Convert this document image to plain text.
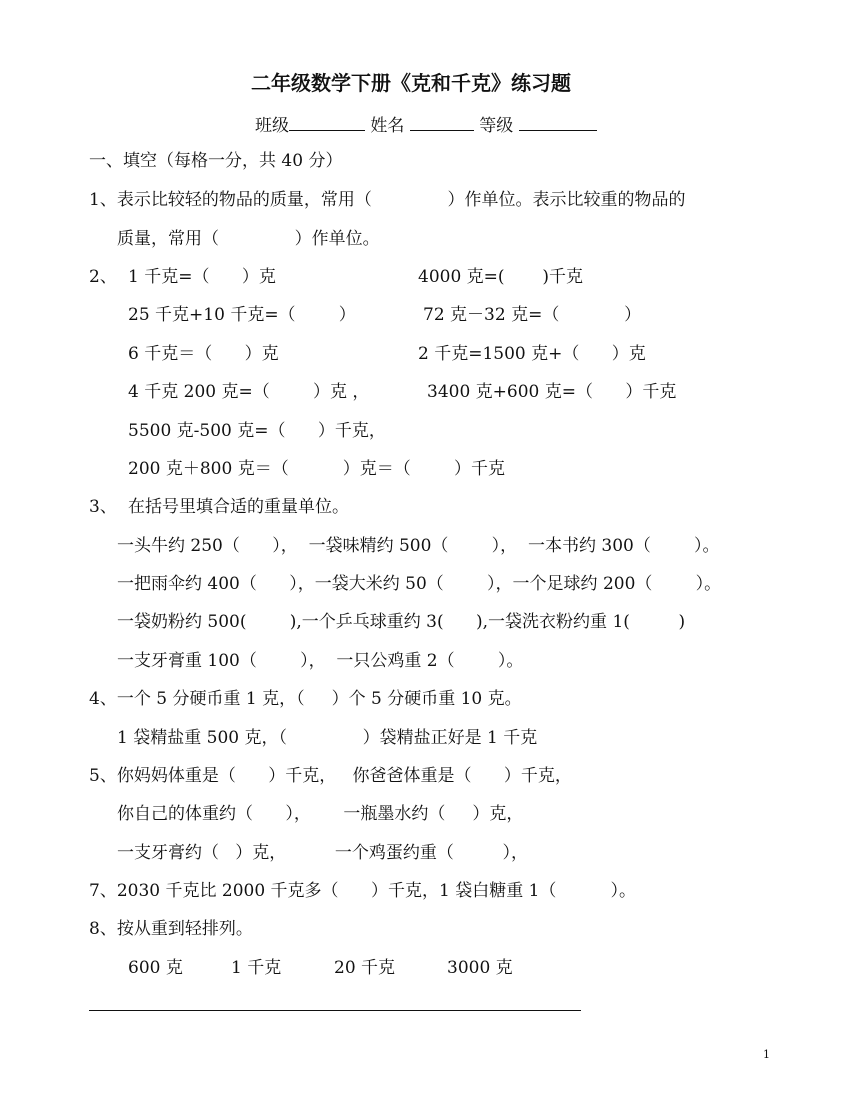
二年级数学下册《克和千克》练习题
班级	姓名	等级
一、填空（每格一分，共 40 分）
1、表示比较轻的物品的质量，常用（              ）作单位。表示比较重的物品的
质量，常用（              ）作单位。
2、 1 千克=（      ）克	4000 克=(       )千克
25 千克+10 千克=（        ）	72 克－32 克=（            ）
6 千克＝（      ）克	2 千克=1500 克+（      ）克
4 千克 200 克=（        ）克 ，	3400 克+600 克=（      ）千克
5500 克-500 克=（      ）千克，
200 克＋800 克＝（          ）克＝（        ）千克
3、 在括号里填合适的重量单位。
一头牛约 250（      ），  一袋味精约 500（        ），  一本书约 300（        ）。
一把雨伞约 400（      ），一袋大米约 50（        ），一个足球约 200（        ）。
一袋奶粉约 500(        ),一个乒乓球重约 3(      ),一袋洗衣粉约重 1(         )
一支牙膏重 100（        ），  一只公鸡重 2（        ）。
4、一个 5 分硬币重 1 克，（     ）个 5 分硬币重 10 克。
1 袋精盐重 500 克，（              ）袋精盐正好是 1 千克
5、你妈妈体重是（      ）千克，   你爸爸体重是（      ）千克，
你自己的体重约（      ），      一瓶墨水约（     ）克，
一支牙膏约（   ）克，         一个鸡蛋约重（         ），
7、2030 千克比 2000 千克多（      ）千克，1 袋白糖重 1（          ）。
8、按从重到轻排列。
600 克	1 千克	20 千克	3000 克
1
